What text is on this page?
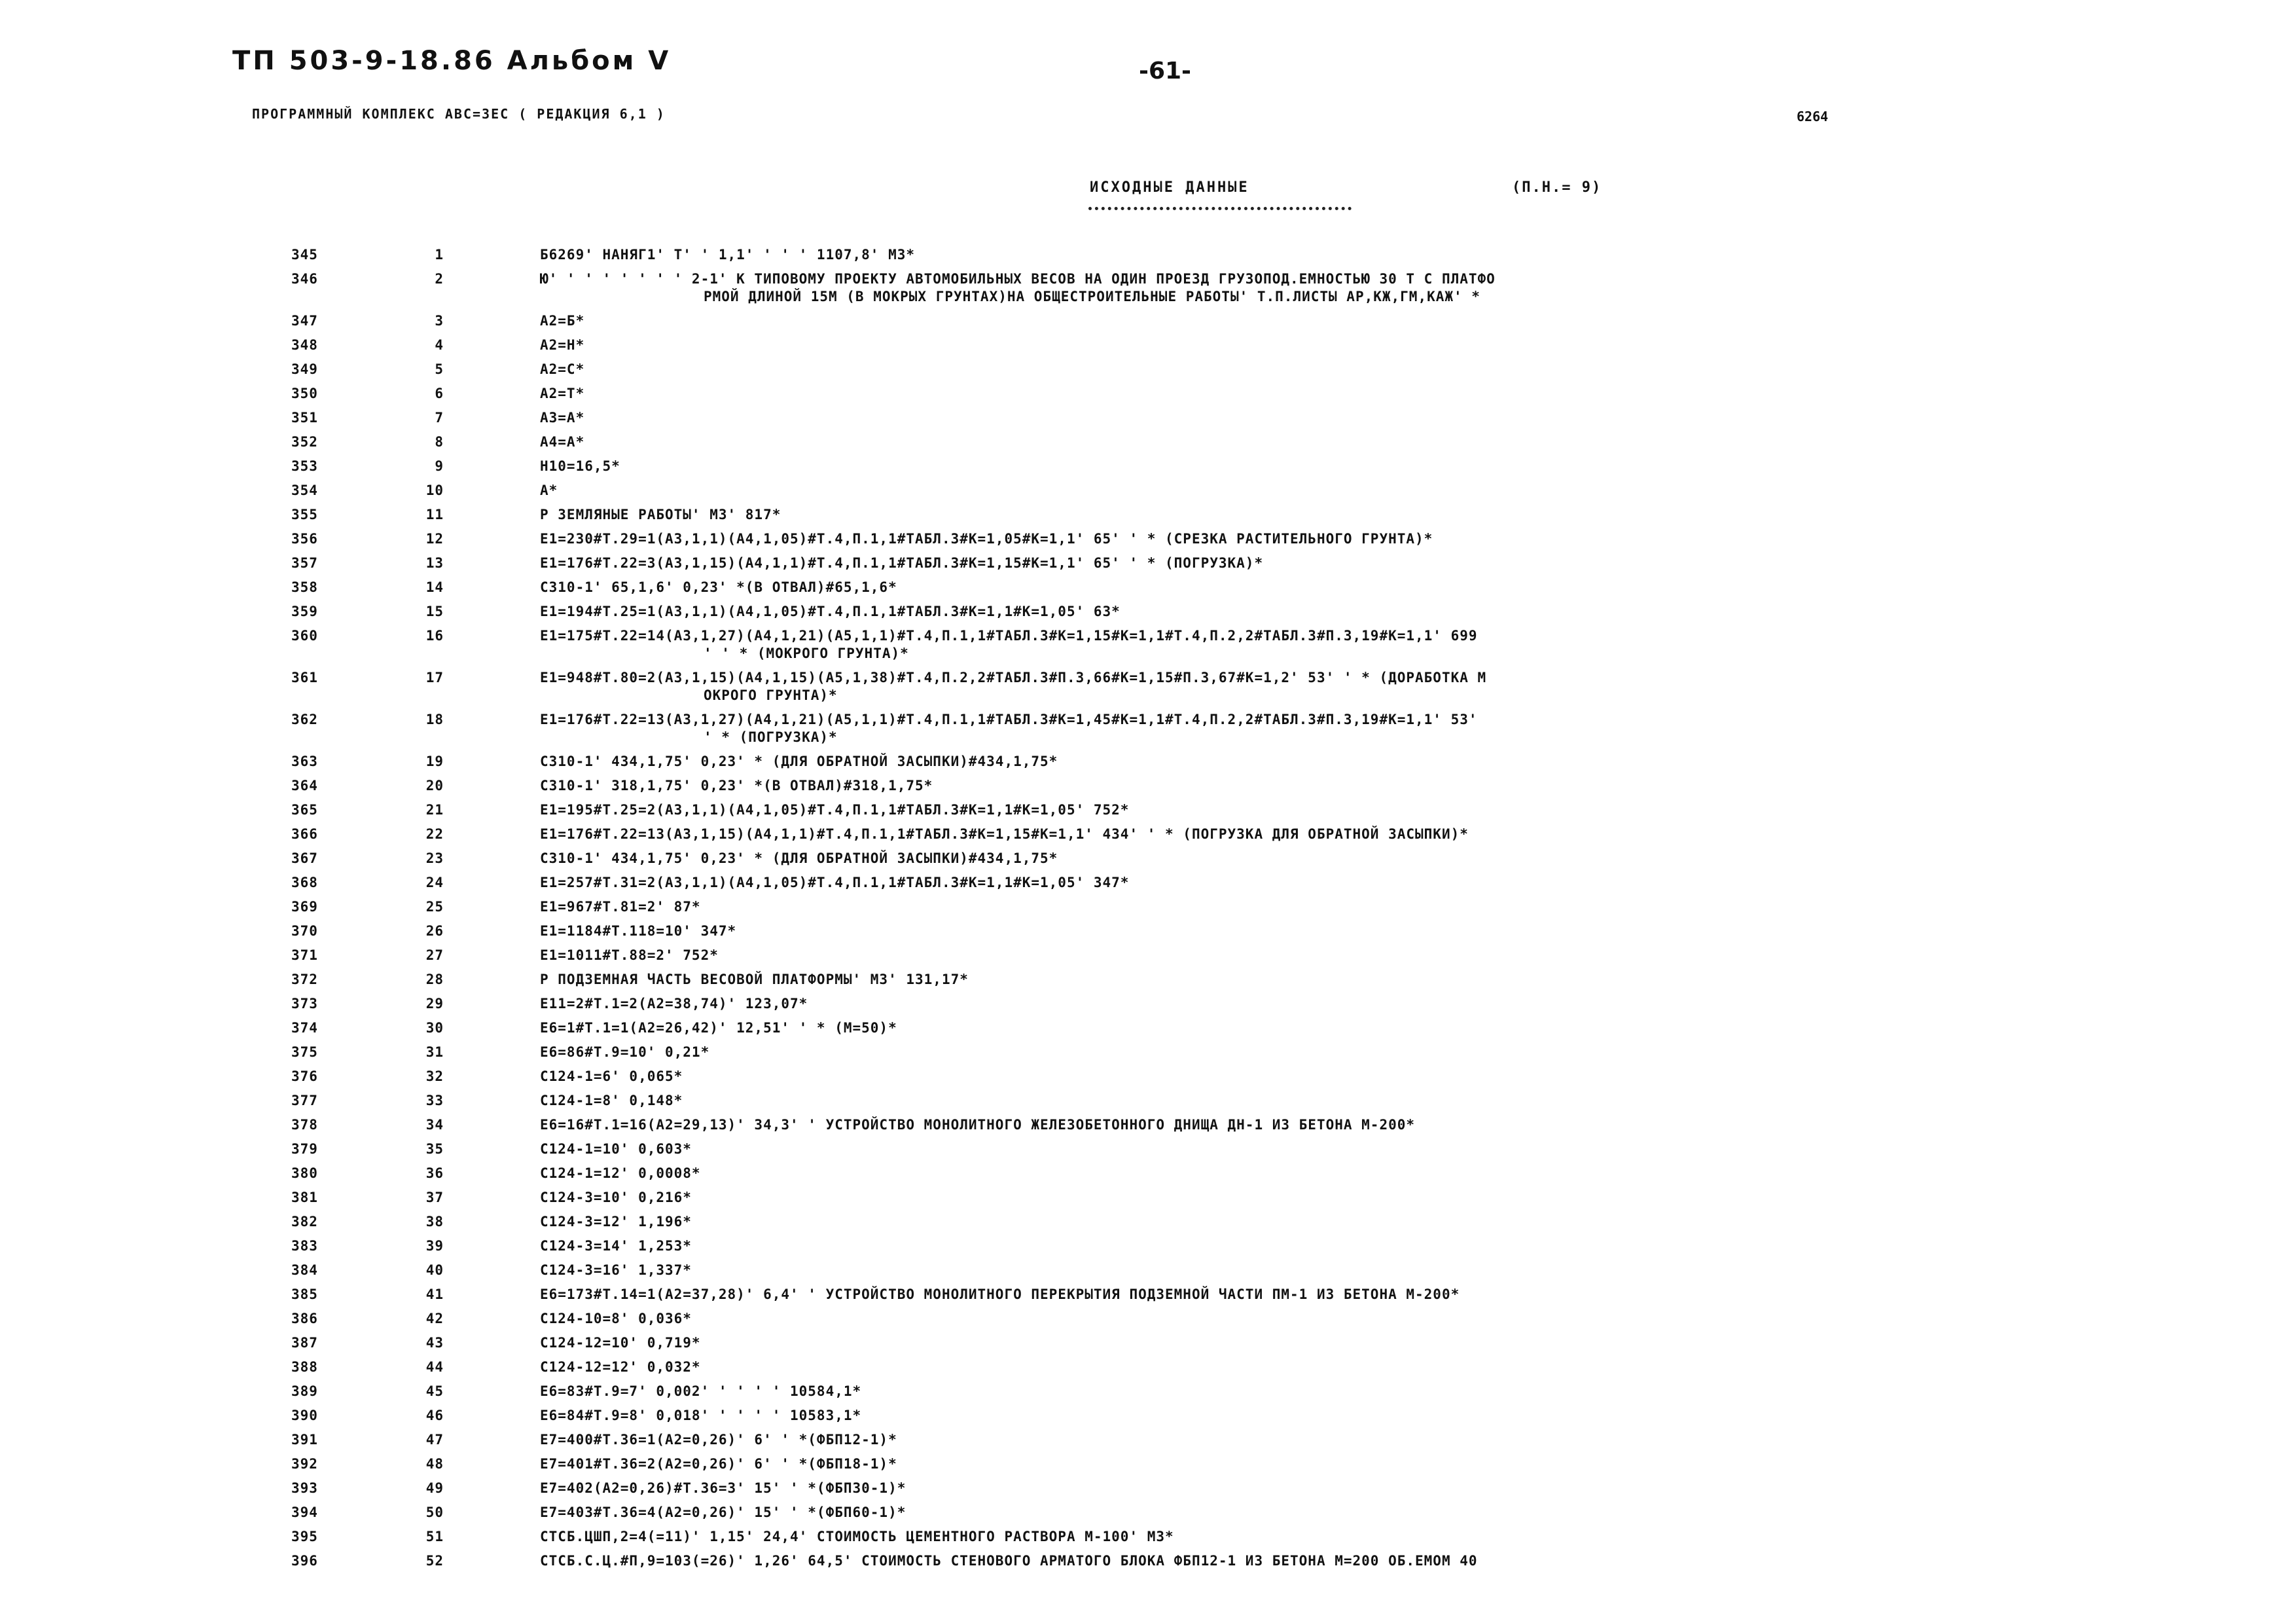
ТП 503-9-18.86 Альбом Ⅴ	-61-
ПРОГРАММНЫЙ КОМПЛЕКС АВС=3ЕС ( РЕДАКЦИЯ 6,1 )	6264
ИСХОДНЫЕ ДАННЫЕ	(П.Н.= 9)
345	1	Б6269' НАНЯГ1' Т' ' 1,1' ' ' ' 1107,8' М3*
346	2	Ю' ' ' ' ' ' ' ' 2-1' К ТИПОВОМУ ПРОЕКТУ АВТОМОБИЛЬНЫХ ВЕСОВ НА ОДИН ПРОЕЗД ГРУЗОПОД.ЕМНОСТЬЮ 30 Т С ПЛАТФО
РМОЙ ДЛИНОЙ 15М (В МОКРЫХ ГРУНТАХ)НА ОБЩЕСТРОИТЕЛЬНЫЕ РАБОТЫ' Т.П.ЛИСТЫ АР,КЖ,ГМ,КАЖ' *
347	3	А2=Б*
348	4	А2=Н*
349	5	А2=С*
350	6	А2=Т*
351	7	А3=А*
352	8	А4=А*
353	9	Н10=16,5*
354	10	А*
355	11	Р ЗЕМЛЯНЫЕ РАБОТЫ' М3' 817*
356	12	Е1=230#Т.29=1(А3,1,1)(А4,1,05)#Т.4,П.1,1#ТАБЛ.3#К=1,05#К=1,1' 65' ' * (СРЕЗКА РАСТИТЕЛЬНОГО ГРУНТА)*
357	13	Е1=176#Т.22=3(А3,1,15)(А4,1,1)#Т.4,П.1,1#ТАБЛ.3#К=1,15#К=1,1' 65' ' * (ПОГРУЗКА)*
358	14	С310-1' 65,1,6' 0,23' *(В ОТВАЛ)#65,1,6*
359	15	Е1=194#Т.25=1(А3,1,1)(А4,1,05)#Т.4,П.1,1#ТАБЛ.3#К=1,1#К=1,05' 63*
360	16	Е1=175#Т.22=14(А3,1,27)(А4,1,21)(А5,1,1)#Т.4,П.1,1#ТАБЛ.3#К=1,15#К=1,1#Т.4,П.2,2#ТАБЛ.3#П.3,19#К=1,1' 699
' ' * (МОКРОГО ГРУНТА)*
361	17	Е1=948#Т.80=2(А3,1,15)(А4,1,15)(А5,1,38)#Т.4,П.2,2#ТАБЛ.3#П.3,66#К=1,15#П.3,67#К=1,2' 53' ' * (ДОРАБОТКА М
ОКРОГО ГРУНТА)*
362	18	Е1=176#Т.22=13(А3,1,27)(А4,1,21)(А5,1,1)#Т.4,П.1,1#ТАБЛ.3#К=1,45#К=1,1#Т.4,П.2,2#ТАБЛ.3#П.3,19#К=1,1' 53'
' * (ПОГРУЗКА)*
363	19	С310-1' 434,1,75' 0,23' * (ДЛЯ ОБРАТНОЙ ЗАСЫПКИ)#434,1,75*
364	20	С310-1' 318,1,75' 0,23' *(В ОТВАЛ)#318,1,75*
365	21	Е1=195#Т.25=2(А3,1,1)(А4,1,05)#Т.4,П.1,1#ТАБЛ.3#К=1,1#К=1,05' 752*
366	22	Е1=176#Т.22=13(А3,1,15)(А4,1,1)#Т.4,П.1,1#ТАБЛ.3#К=1,15#К=1,1' 434' ' * (ПОГРУЗКА ДЛЯ ОБРАТНОЙ ЗАСЫПКИ)*
367	23	С310-1' 434,1,75' 0,23' * (ДЛЯ ОБРАТНОЙ ЗАСЫПКИ)#434,1,75*
368	24	Е1=257#Т.31=2(А3,1,1)(А4,1,05)#Т.4,П.1,1#ТАБЛ.3#К=1,1#К=1,05' 347*
369	25	Е1=967#Т.81=2' 87*
370	26	Е1=1184#Т.118=10' 347*
371	27	Е1=1011#Т.88=2' 752*
372	28	Р ПОДЗЕМНАЯ ЧАСТЬ ВЕСОВОЙ ПЛАТФОРМЫ' М3' 131,17*
373	29	Е11=2#Т.1=2(А2=38,74)' 123,07*
374	30	Е6=1#Т.1=1(А2=26,42)' 12,51' ' * (М=50)*
375	31	Е6=86#Т.9=10' 0,21*
376	32	С124-1=6' 0,065*
377	33	С124-1=8' 0,148*
378	34	Е6=16#Т.1=16(А2=29,13)' 34,3' ' УСТРОЙСТВО МОНОЛИТНОГО ЖЕЛЕЗОБЕТОННОГО ДНИЩА ДН-1 ИЗ БЕТОНА М-200*
379	35	С124-1=10' 0,603*
380	36	С124-1=12' 0,0008*
381	37	С124-3=10' 0,216*
382	38	С124-3=12' 1,196*
383	39	С124-3=14' 1,253*
384	40	С124-3=16' 1,337*
385	41	Е6=173#Т.14=1(А2=37,28)' 6,4' ' УСТРОЙСТВО МОНОЛИТНОГО ПЕРЕКРЫТИЯ ПОДЗЕМНОЙ ЧАСТИ ПМ-1 ИЗ БЕТОНА М-200*
386	42	С124-10=8' 0,036*
387	43	С124-12=10' 0,719*
388	44	С124-12=12' 0,032*
389	45	Е6=83#Т.9=7' 0,002' ' ' ' ' 10584,1*
390	46	Е6=84#Т.9=8' 0,018' ' ' ' ' 10583,1*
391	47	Е7=400#Т.36=1(А2=0,26)' 6' ' *(ФБП12-1)*
392	48	Е7=401#Т.36=2(А2=0,26)' 6' ' *(ФБП18-1)*
393	49	Е7=402(А2=0,26)#Т.36=3' 15' ' *(ФБП30-1)*
394	50	Е7=403#Т.36=4(А2=0,26)' 15' ' *(ФБП60-1)*
395	51	СТСБ.ЦШП,2=4(=11)' 1,15' 24,4' СТОИМОСТЬ ЦЕМЕНТНОГО РАСТВОРА М-100' М3*
396	52	СТСБ.С.Ц.#П,9=103(=26)' 1,26' 64,5' СТОИМОСТЬ СТЕНОВОГО АРМАТОГО БЛОКА ФБП12-1 ИЗ БЕТОНА М=200 ОБ.ЕМОМ 40
